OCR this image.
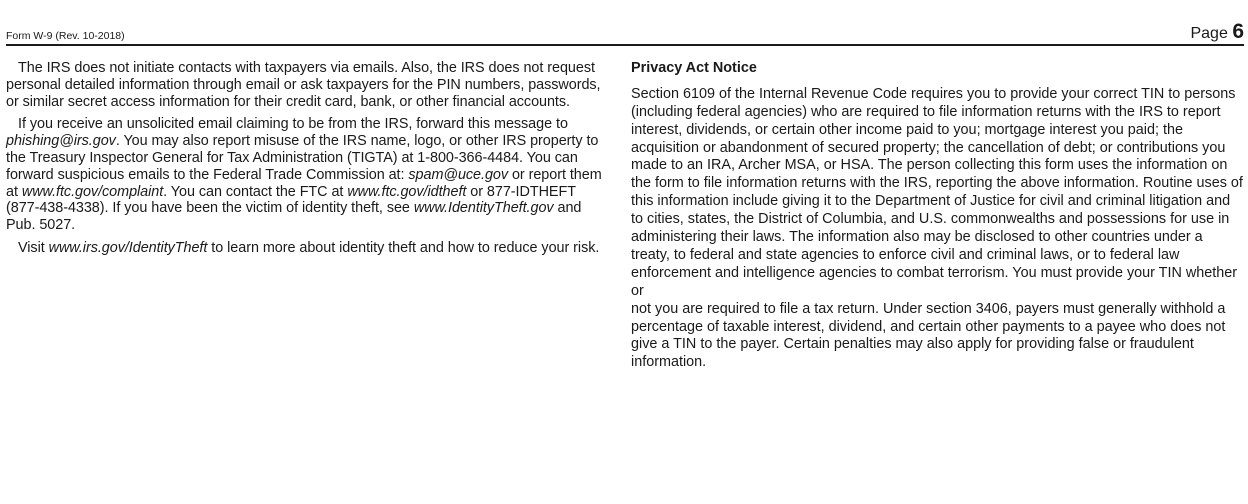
Form W-9 (Rev. 10-2018)	Page 6

The IRS does not initiate contacts with taxpayers via emails. Also, the IRS does not request personal detailed information through email or ask taxpayers for the PIN numbers, passwords, or similar secret access information for their credit card, bank, or other financial accounts.

If you receive an unsolicited email claiming to be from the IRS, forward this message to phishing@irs.gov. You may also report misuse of the IRS name, logo, or other IRS property to the Treasury Inspector General for Tax Administration (TIGTA) at 1-800-366-4484. You can forward suspicious emails to the Federal Trade Commission at: spam@uce.gov or report them at www.ftc.gov/complaint. You can contact the FTC at www.ftc.gov/idtheft or 877-IDTHEFT (877-438-4338). If you have been the victim of identity theft, see www.IdentityTheft.gov and Pub. 5027.

Visit www.irs.gov/IdentityTheft to learn more about identity theft and how to reduce your risk.

Privacy Act Notice

Section 6109 of the Internal Revenue Code requires you to provide your correct TIN to persons (including federal agencies) who are required to file information returns with the IRS to report interest, dividends, or certain other income paid to you; mortgage interest you paid; the acquisition or abandonment of secured property; the cancellation of debt; or contributions you made to an IRA, Archer MSA, or HSA. The person collecting this form uses the information on the form to file information returns with the IRS, reporting the above information. Routine uses of this information include giving it to the Department of Justice for civil and criminal litigation and to cities, states, the District of Columbia, and U.S. commonwealths and possessions for use in administering their laws. The information also may be disclosed to other countries under a treaty, to federal and state agencies to enforce civil and criminal laws, or to federal law enforcement and intelligence agencies to combat terrorism. You must provide your TIN whether or

not you are required to file a tax return. Under section 3406, payers must generally withhold a percentage of taxable interest, dividend, and certain other payments to a payee who does not give a TIN to the payer. Certain penalties may also apply for providing false or fraudulent information.
